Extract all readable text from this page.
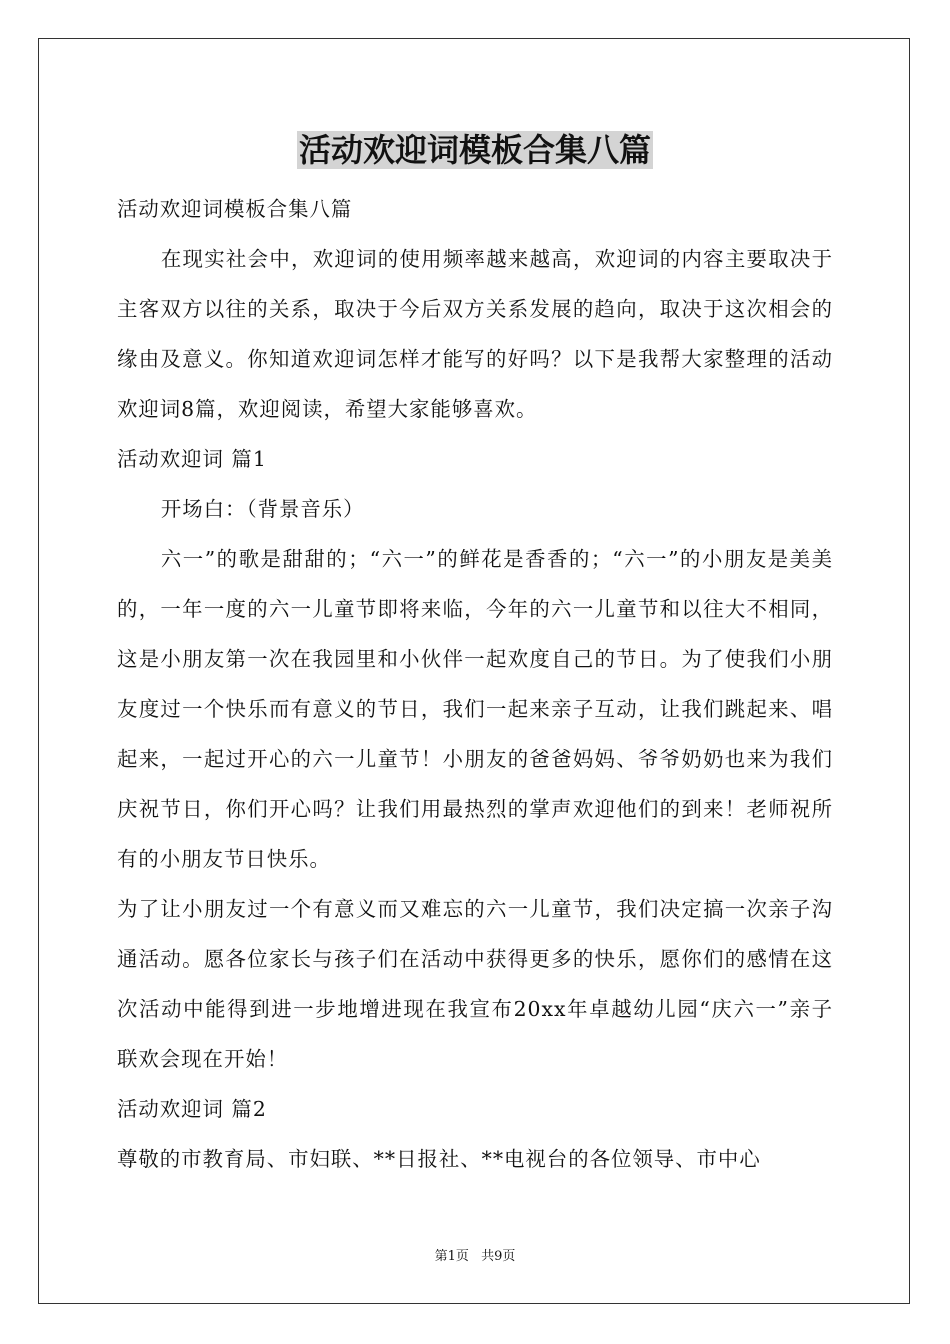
活动欢迎词模板合集八篇

活动欢迎词模板合集八篇

在现实社会中，欢迎词的使用频率越来越高，欢迎词的内容主要取决于主客双方以往的关系，取决于今后双方关系发展的趋向，取决于这次相会的缘由及意义。你知道欢迎词怎样才能写的好吗？以下是我帮大家整理的活动欢迎词8篇，欢迎阅读，希望大家能够喜欢。

活动欢迎词 篇1

开场白：（背景音乐）

六一”的歌是甜甜的；“六一”的鲜花是香香的；“六一”的小朋友是美美的，一年一度的六一儿童节即将来临，今年的六一儿童节和以往大不相同，这是小朋友第一次在我园里和小伙伴一起欢度自己的节日。为了使我们小朋友度过一个快乐而有意义的节日，我们一起来亲子互动，让我们跳起来、唱起来，一起过开心的六一儿童节！小朋友的爸爸妈妈、爷爷奶奶也来为我们庆祝节日，你们开心吗？让我们用最热烈的掌声欢迎他们的到来！老师祝所有的小朋友节日快乐。

为了让小朋友过一个有意义而又难忘的六一儿童节，我们决定搞一次亲子沟通活动。愿各位家长与孩子们在活动中获得更多的快乐，愿你们的感情在这次活动中能得到进一步地增进现在我宣布20xx年卓越幼儿园“庆六一”亲子联欢会现在开始！

活动欢迎词 篇2

尊敬的市教育局、市妇联、**日报社、**电视台的各位领导、市中心

第1页 共9页
